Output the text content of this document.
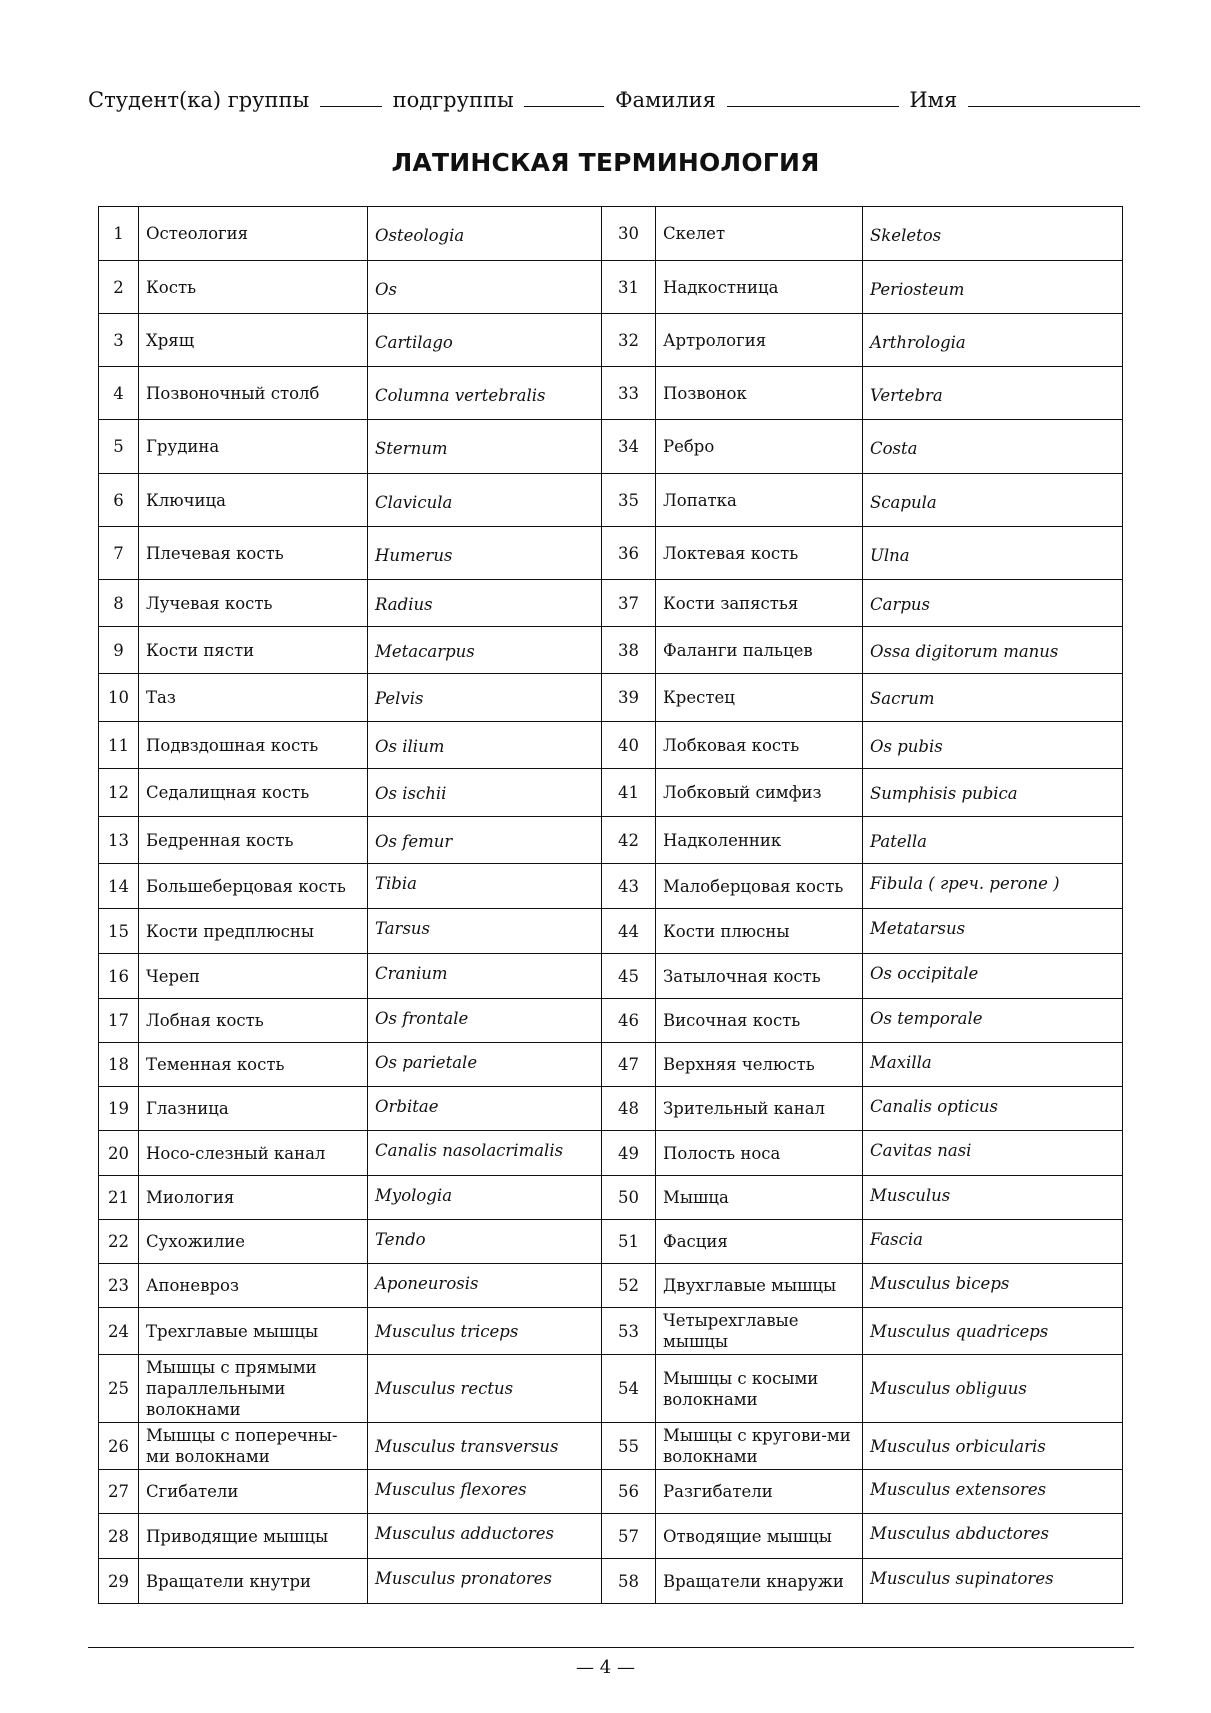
Студент(ка) группы	подгруппы	Фамилия	Имя
ЛАТИНСКАЯ ТЕРМИНОЛОГИЯ
1	Остеология	Osteologia	30	Скелет	Skeletos
2	Кость	Os	31	Надкостница	Periosteum
3	Хрящ	Cartilago	32	Артрология	Arthrologia
4	Позвоночный столб	Columna vertebralis	33	Позвонок	Vertebra
5	Грудина	Sternum	34	Ребро	Costa
6	Ключица	Clavicula	35	Лопатка	Scapula
7	Плечевая кость	Humerus	36	Локтевая кость	Ulna
8	Лучевая кость	Radius	37	Кости запястья	Carpus
9	Кости пясти	Metacarpus	38	Фаланги пальцев	Ossa digitorum manus
10	Таз	Pelvis	39	Крестец	Sacrum
11	Подвздошная кость	Os ilium	40	Лобковая кость	Os pubis
12	Седалищная кость	Os ischii	41	Лобковый симфиз	Sumphisis pubica
13	Бедренная кость	Os femur	42	Надколенник	Patella
14	Большеберцовая кость	Tibia	43	Малоберцовая кость	Fibula ( греч. perone )
15	Кости предплюсны	Tarsus	44	Кости плюсны	Metatarsus
16	Череп	Cranium	45	Затылочная кость	Os occipitale
17	Лобная кость	Os frontale	46	Височная кость	Os temporale
18	Теменная кость	Os parietale	47	Верхняя челюсть	Maxilla
19	Глазница	Orbitae	48	Зрительный канал	Canalis opticus
20	Носо-слезный канал	Canalis nasolacrimalis	49	Полость носа	Cavitas nasi
21	Миология	Myologia	50	Мышца	Musculus
22	Сухожилие	Tendo	51	Фасция	Fascia
23	Апоневроз	Aponeurosis	52	Двухглавые мышцы	Musculus biceps
24	Трехглавые мышцы	Musculus triceps	53	Четырехглавые мышцы	Musculus quadriceps
25	Мышцы с прямыми параллельными волокнами	Musculus rectus	54	Мышцы с косыми волокнами	Musculus obliguus
26	Мышцы с поперечны-ми волокнами	Musculus transversus	55	Мышцы с кругови-ми волокнами	Musculus orbicularis
27	Сгибатели	Musculus flexores	56	Разгибатели	Musculus extensores
28	Приводящие мышцы	Musculus adductores	57	Отводящие мышцы	Musculus abductores
29	Вращатели кнутри	Musculus pronatores	58	Вращатели кнаружи	Musculus supinatores
— 4 —
